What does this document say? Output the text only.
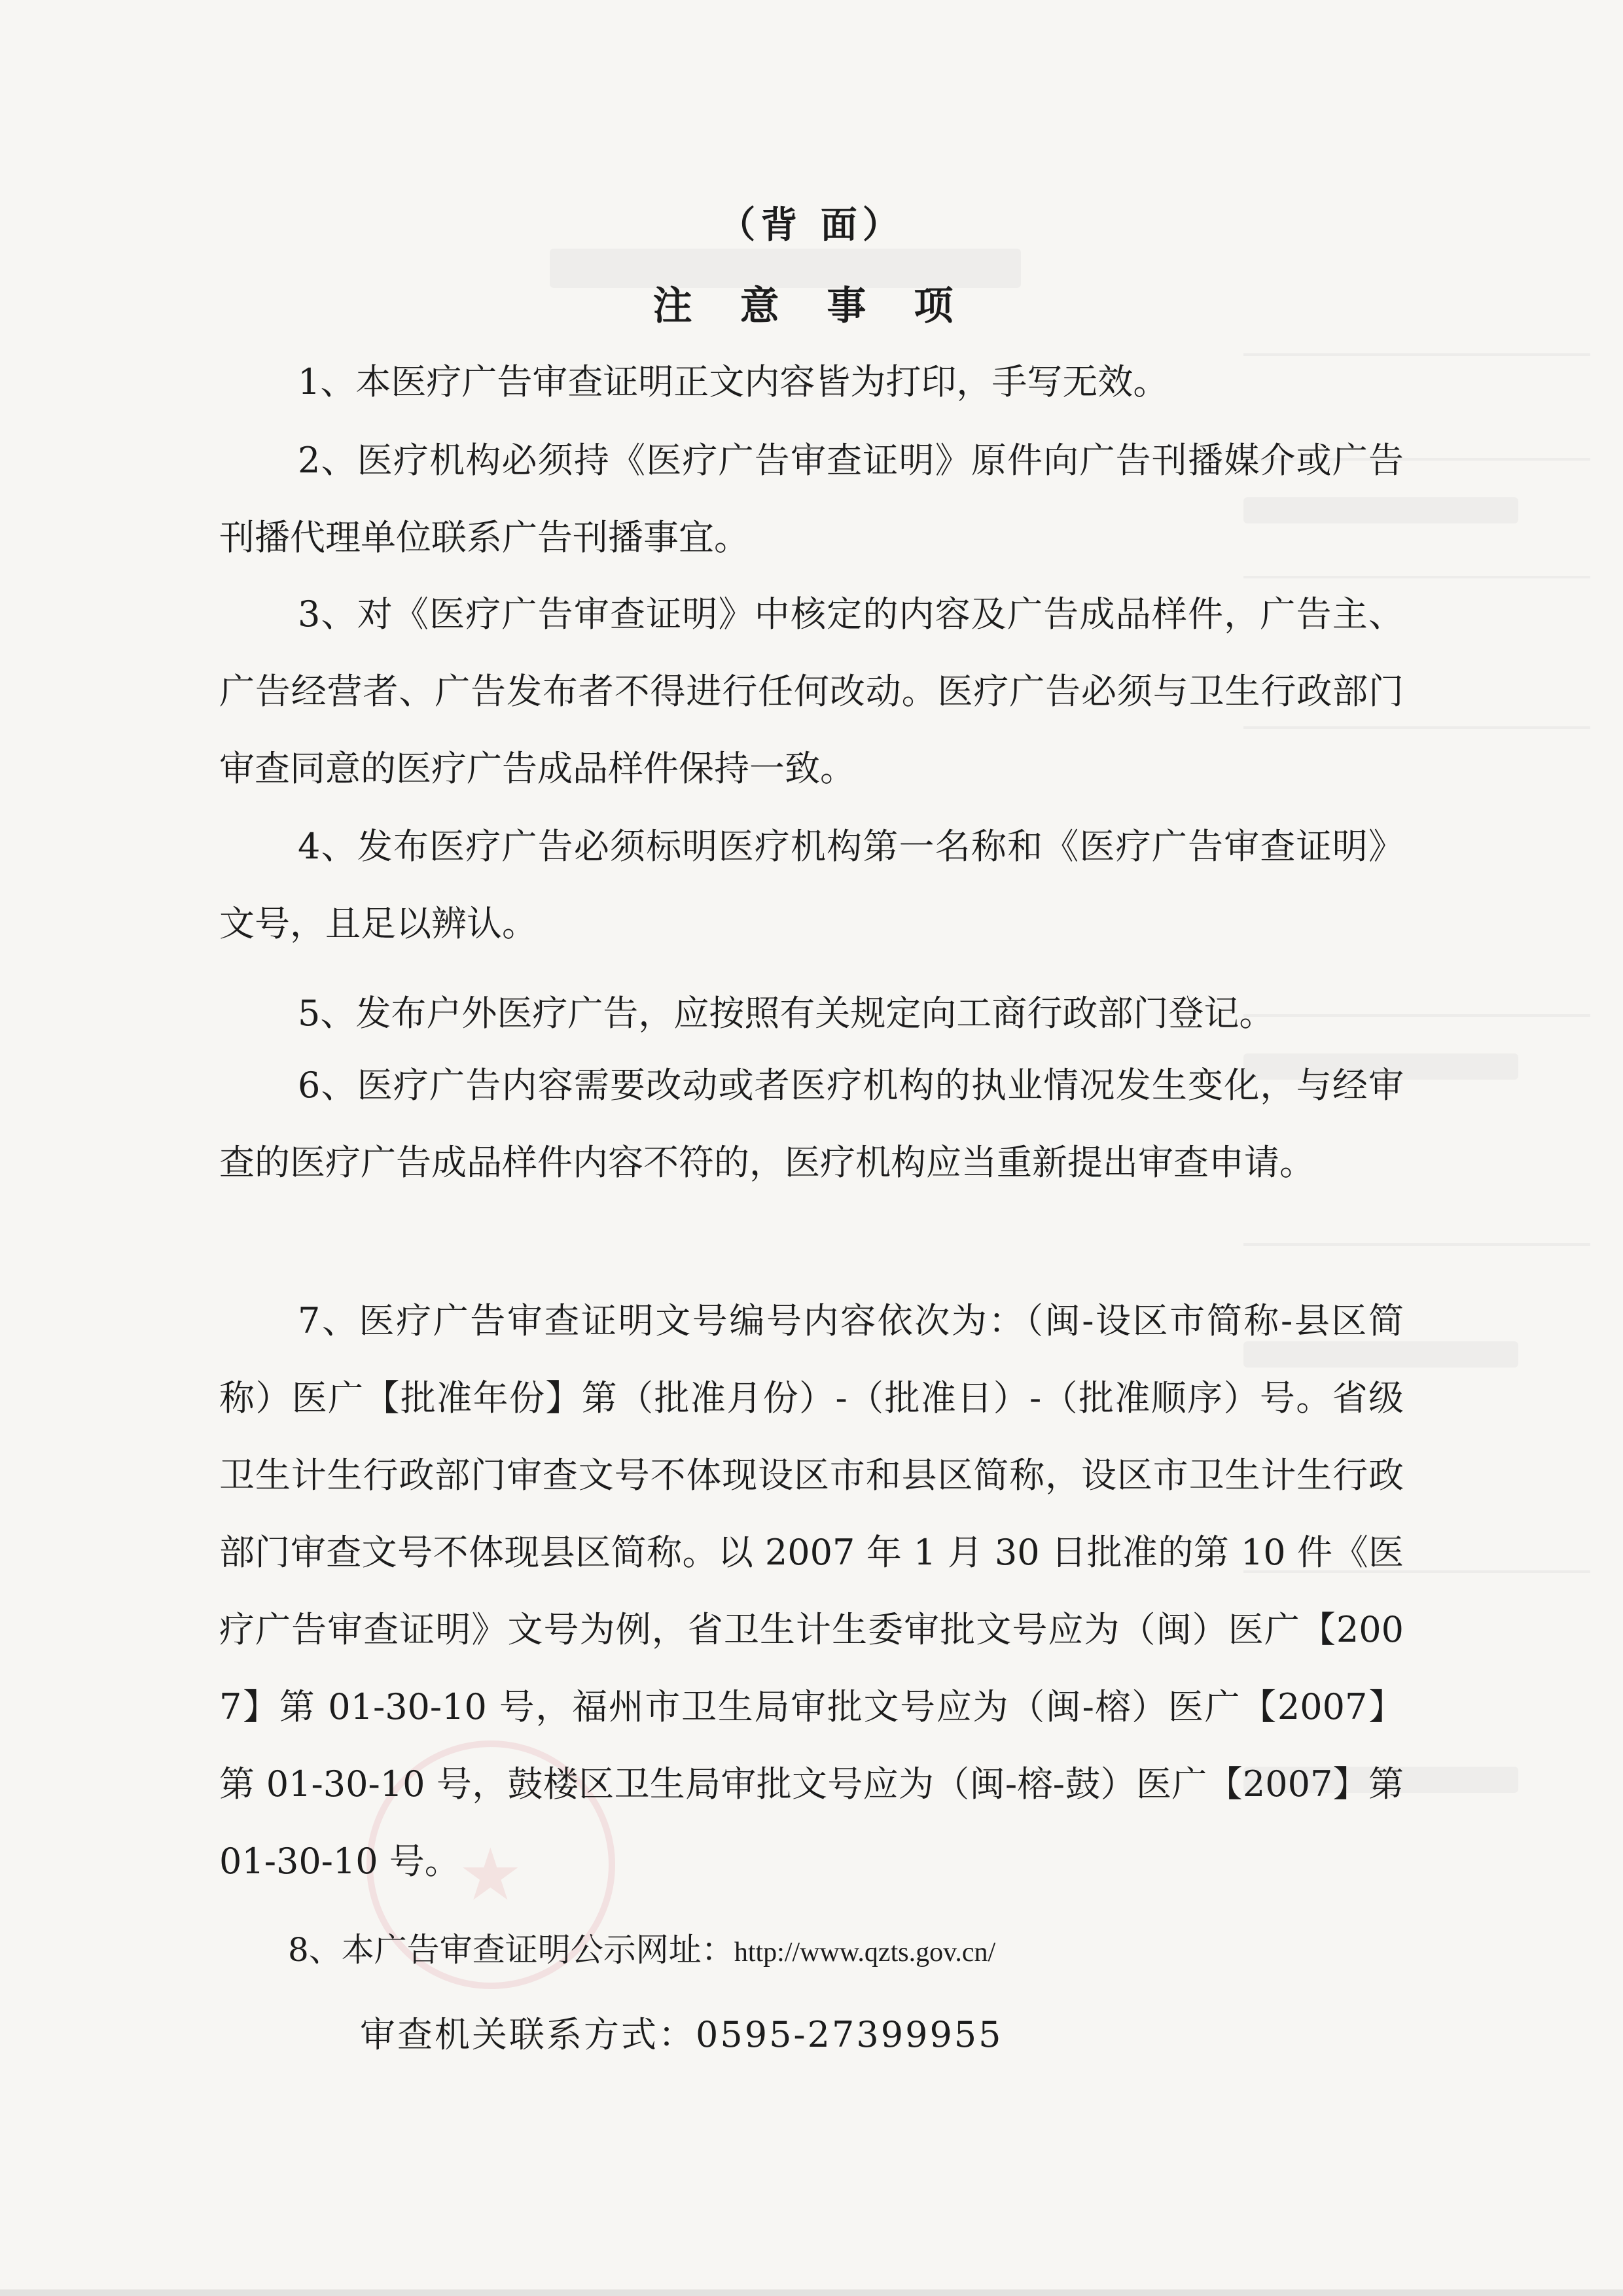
★
（背 面）
注 意 事 项
1、本医疗广告审查证明正文内容皆为打印，手写无效。
2、医疗机构必须持《医疗广告审查证明》原件向广告刊播媒介或广告刊播代理单位联系广告刊播事宜。
3、对《医疗广告审查证明》中核定的内容及广告成品样件，广告主、广告经营者、广告发布者不得进行任何改动。医疗广告必须与卫生行政部门审查同意的医疗广告成品样件保持一致。
4、发布医疗广告必须标明医疗机构第一名称和《医疗广告审查证明》文号，且足以辨认。
5、发布户外医疗广告，应按照有关规定向工商行政部门登记。
6、医疗广告内容需要改动或者医疗机构的执业情况发生变化，与经审查的医疗广告成品样件内容不符的，医疗机构应当重新提出审查申请。
7、医疗广告审查证明文号编号内容依次为：（闽-设区市简称-县区简称）医广【批准年份】第（批准月份）-（批准日）-（批准顺序）号。省级卫生计生行政部门审查文号不体现设区市和县区简称，设区市卫生计生行政部门审查文号不体现县区简称。以 2007 年 1 月 30 日批准的第 10 件《医疗广告审查证明》文号为例，省卫生计生委审批文号应为（闽）医广【2007】第 01-30-10 号，福州市卫生局审批文号应为（闽-榕）医广【2007】第 01-30-10 号，鼓楼区卫生局审批文号应为（闽-榕-鼓）医广【2007】第 01-30-10 号。
8、本广告审查证明公示网址：http://www.qzts.gov.cn/
审查机关联系方式：0595-27399955
